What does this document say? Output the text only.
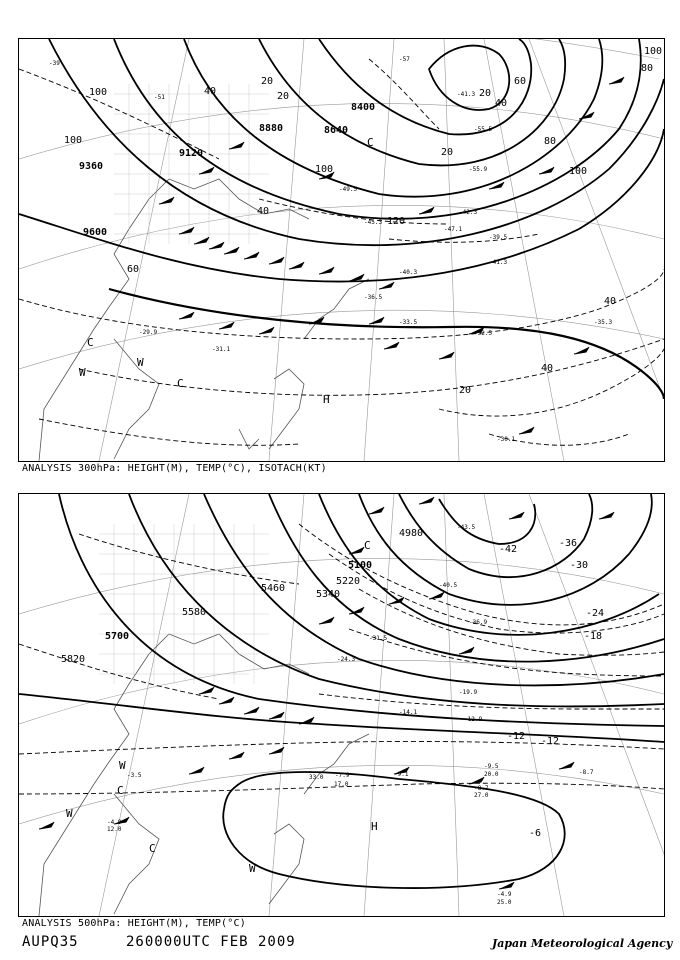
9600
9360
9120
8880	8640
8400
100
100
20
40	20
40
100
120
100
80
60
40
40
20
20
20
40
60
80
100
-39
-51
-57
-41.3
-55.5
-55.9
-47.1
-40.3
-36.5
-33.5
-32.5
-31.1
-30.1
-35.3
-29.9
-45.3
-42.3
-39.5
-41.3
-49.5
C
W
C
H
C
W
ANALYSIS 300hPa: HEIGHT(M), TEMP(°C), ISOTACH(KT)
5820
5700
5580
5460
5340
5220
5100
4980
-42
-36
-30
-24
-18
-12 -12
-6
-43.5
-40.5
-36.9
-31.5
-24.3
-19.9
-14.1
-12.9
-9.5
-8.7
-8.7
-4.9
-9.1
-7.9
-3.5
-4.9
20.0
27.0
25.0
17.0
33.0
12.0
C
C
W
C
W
W
H
ANALYSIS 500hPa: HEIGHT(M), TEMP(°C)
AUPQ35	260000UTC FEB 2009	Japan Meteorological Agency
